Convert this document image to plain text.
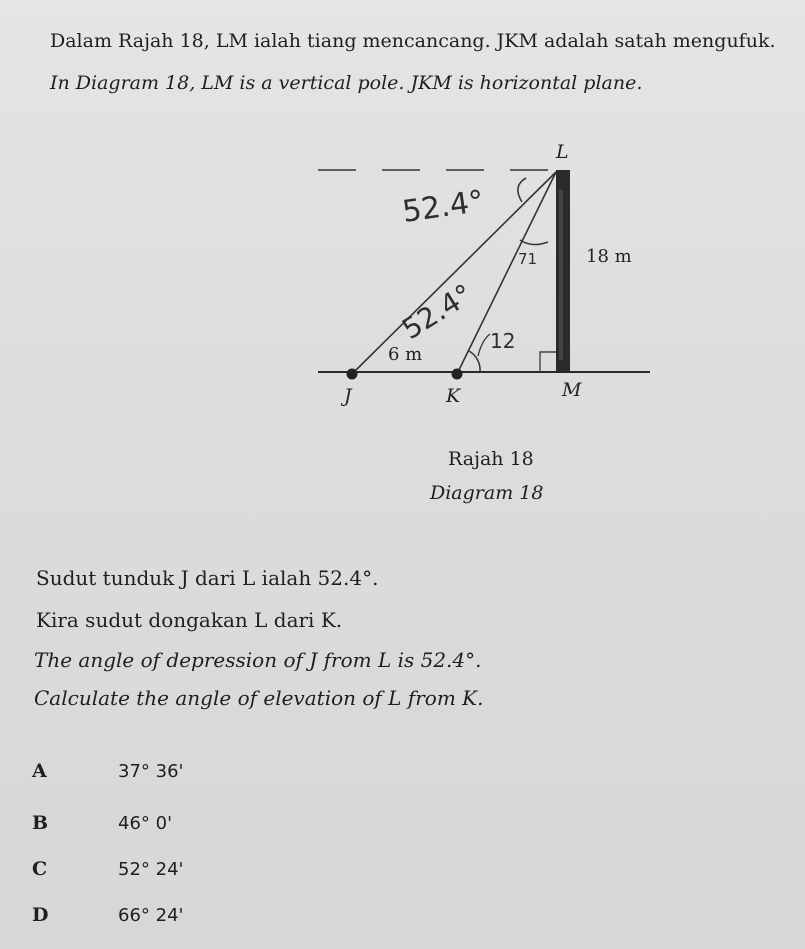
Dalam Rajah 18, LM ialah tiang mencancang. JKM adalah satah mengufuk.
In Diagram 18, LM is a vertical pole. JKM is horizontal plane.
L
J	K	M
18 m
6 m
52.4°
52.4°
71
12
Rajah 18
Diagram 18
Sudut tunduk J dari L ialah 52.4°.
Kira sudut dongakan L dari K.
The angle of depression of J from L is 52.4°.
Calculate the angle of elevation of L from K.
A	37° 36'
B	46° 0'
C	52° 24'
D	66° 24'
